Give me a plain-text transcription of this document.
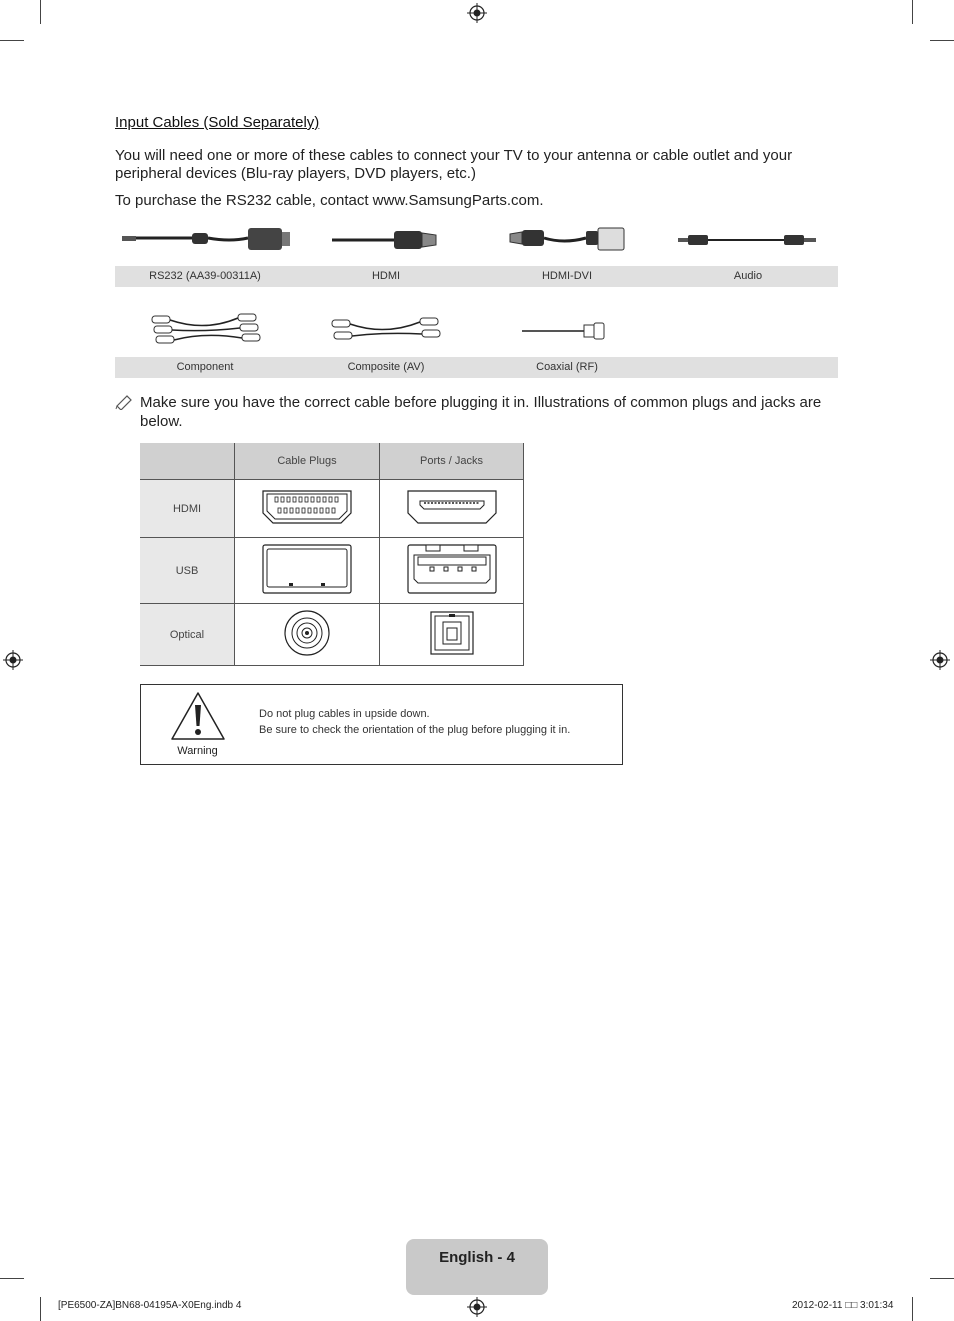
Input Cables (Sold Separately)
You will need one or more of these cables to connect your TV to your antenna or cable outlet and your peripheral devices (Blu-ray players, DVD players, etc.)
To purchase the RS232 cable, contact www.SamsungParts.com.
RS232 (AA39-00311A)	HDMI	HDMI-DVI	Audio
Component	Composite (AV)	Coaxial (RF)
Make sure you have the correct cable before plugging it in. Illustrations of common plugs and jacks are below.
	Cable Plugs	Ports / Jacks
HDMI		
USB		
Optical		
Warning
Do not plug cables in upside down.
Be sure to check the orientation of the plug before plugging it in.
English - 4
[PE6500-ZA]BN68-04195A-X0Eng.indb 4	2012-02-11 □□ 3:01:34
